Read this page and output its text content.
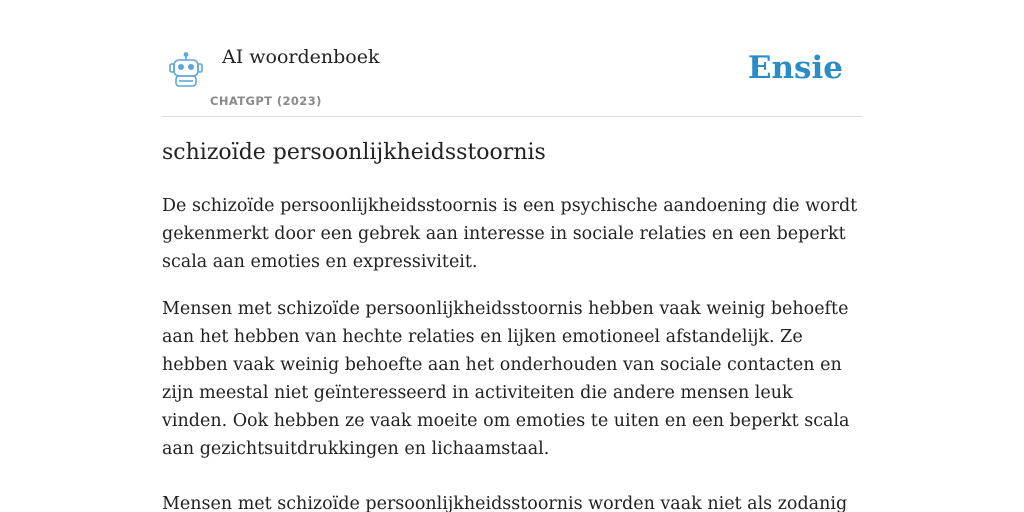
AI woordenboek
CHATGPT (2023)
Ensie
schizoïde persoonlijkheidsstoornis

De schizoïde persoonlijkheidsstoornis is een psychische aandoening die wordt gekenmerkt door een gebrek aan interesse in sociale relaties en een beperkt scala aan emoties en expressiviteit.

Mensen met schizoïde persoonlijkheidsstoornis hebben vaak weinig behoefte aan het hebben van hechte relaties en lijken emotioneel afstandelijk. Ze hebben vaak weinig behoefte aan het onderhouden van sociale contacten en zijn meestal niet geïnteresseerd in activiteiten die andere mensen leuk vinden. Ook hebben ze vaak moeite om emoties te uiten en een beperkt scala aan gezichtsuitdrukkingen en lichaamstaal.

Mensen met schizoïde persoonlijkheidsstoornis worden vaak niet als zodanig
